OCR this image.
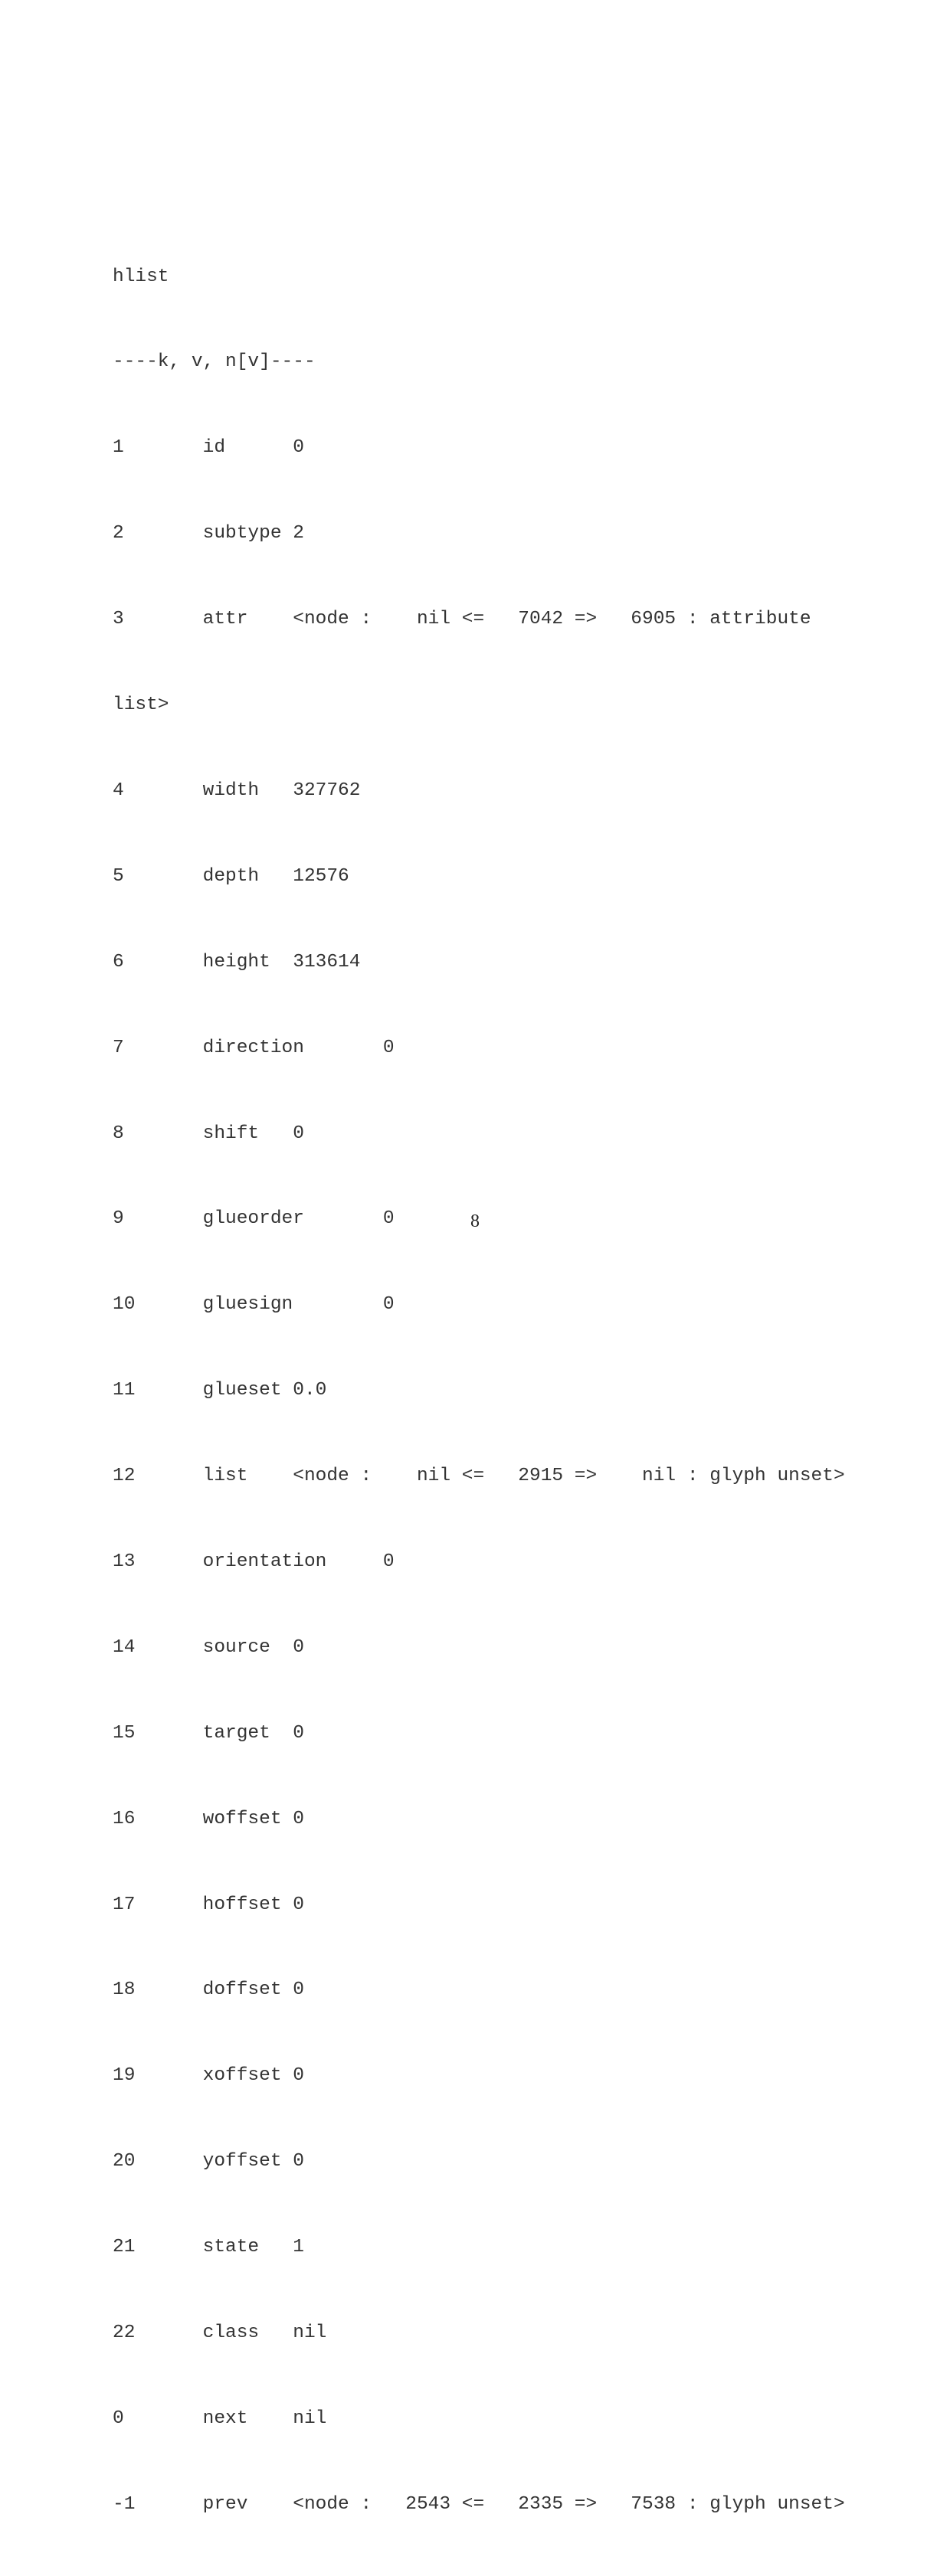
hlist

----k, v, n[v]----

1       id      0

2       subtype 2

3       attr    <node :    nil <=   7042 =>   6905 : attribute

list>

4       width   327762

5       depth   12576

6       height  313614

7       direction       0

8       shift   0

9       glueorder       0

10      gluesign        0

11      glueset 0.0

12      list    <node :    nil <=   2915 =>    nil : glyph unset>

13      orientation     0

14      source  0

15      target  0

16      woffset 0

17      hoffset 0

18      doffset 0

19      xoffset 0

20      yoffset 0

21      state   1

22      class   nil

0       next    nil

-1      prev    <node :   2543 <=   2335 =>   7538 : glyph unset>

8
